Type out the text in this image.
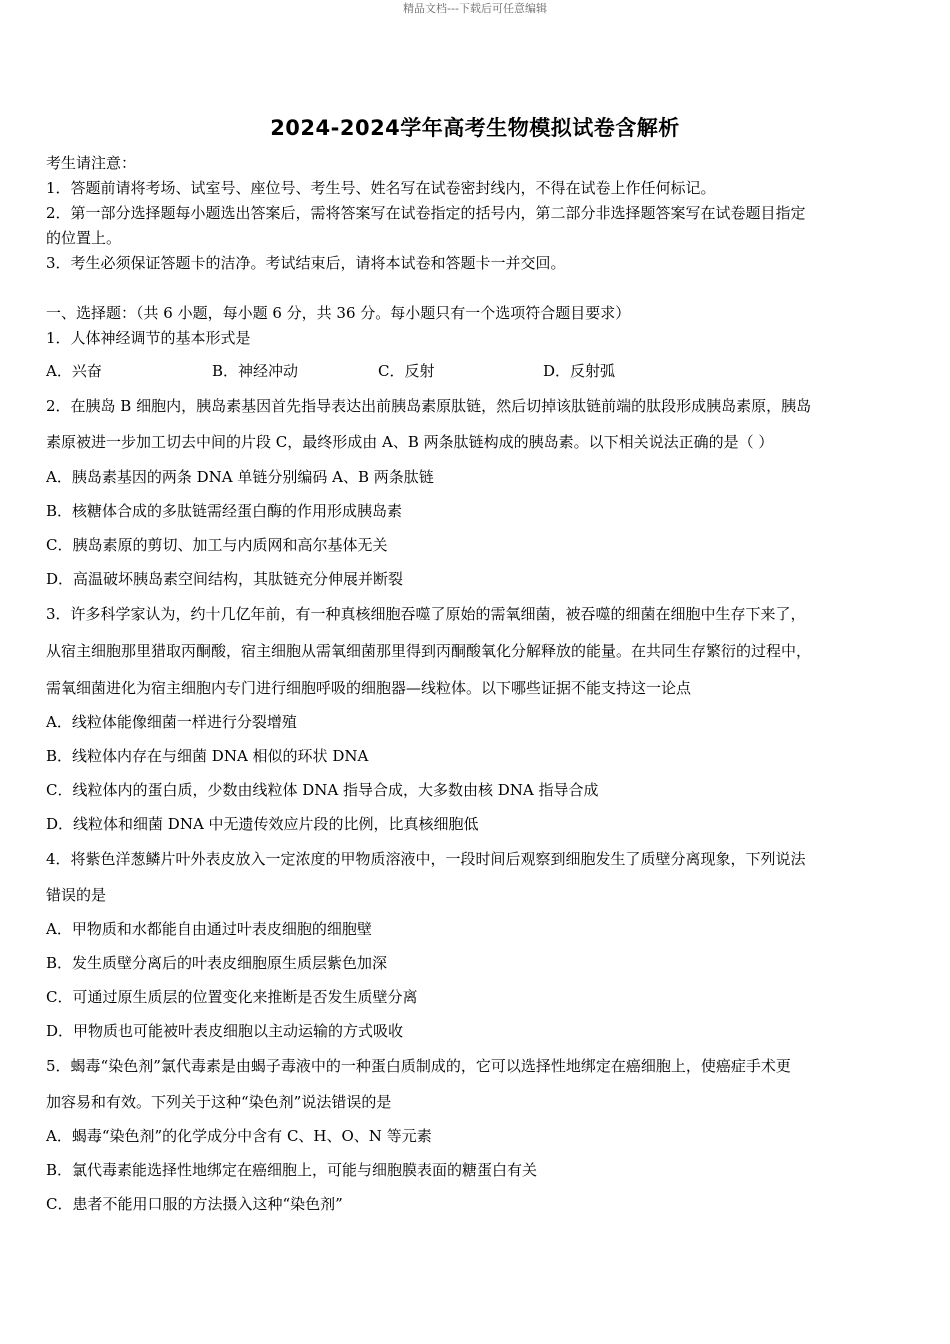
精品文档---下载后可任意编辑
2024-2024学年高考生物模拟试卷含解析
考生请注意：
1．答题前请将考场、试室号、座位号、考生号、姓名写在试卷密封线内，不得在试卷上作任何标记。
2．第一部分选择题每小题选出答案后，需将答案写在试卷指定的括号内，第二部分非选择题答案写在试卷题目指定
的位置上。
3．考生必须保证答题卡的洁净。考试结束后，请将本试卷和答题卡一并交回。
一、选择题：（共 6 小题，每小题 6 分，共 36 分。每小题只有一个选项符合题目要求）
1．人体神经调节的基本形式是
A．兴奋	B．神经冲动	C．反射	D．反射弧
2．在胰岛 B 细胞内，胰岛素基因首先指导表达出前胰岛素原肽链，然后切掉该肽链前端的肽段形成胰岛素原，胰岛
素原被进一步加工切去中间的片段 C，最终形成由 A、B 两条肽链构成的胰岛素。以下相关说法正确的是（ ）
A．胰岛素基因的两条 DNA 单链分别编码 A、B 两条肽链
B．核糖体合成的多肽链需经蛋白酶的作用形成胰岛素
C．胰岛素原的剪切、加工与内质网和高尔基体无关
D．高温破坏胰岛素空间结构，其肽链充分伸展并断裂
3．许多科学家认为，约十几亿年前，有一种真核细胞吞噬了原始的需氧细菌，被吞噬的细菌在细胞中生存下来了，
从宿主细胞那里猎取丙酮酸，宿主细胞从需氧细菌那里得到丙酮酸氧化分解释放的能量。在共同生存繁衍的过程中，
需氧细菌进化为宿主细胞内专门进行细胞呼吸的细胞器—线粒体。以下哪些证据不能支持这一论点
A．线粒体能像细菌一样进行分裂增殖
B．线粒体内存在与细菌 DNA 相似的环状 DNA
C．线粒体内的蛋白质，少数由线粒体 DNA 指导合成，大多数由核 DNA 指导合成
D．线粒体和细菌 DNA 中无遗传效应片段的比例，比真核细胞低
4．将紫色洋葱鳞片叶外表皮放入一定浓度的甲物质溶液中，一段时间后观察到细胞发生了质壁分离现象，下列说法
错误的是
A．甲物质和水都能自由通过叶表皮细胞的细胞壁
B．发生质壁分离后的叶表皮细胞原生质层紫色加深
C．可通过原生质层的位置变化来推断是否发生质壁分离
D．甲物质也可能被叶表皮细胞以主动运输的方式吸收
5．蝎毒“染色剂”氯代毒素是由蝎子毒液中的一种蛋白质制成的，它可以选择性地绑定在癌细胞上，使癌症手术更
加容易和有效。下列关于这种“染色剂”说法错误的是
A．蝎毒“染色剂”的化学成分中含有 C、H、O、N 等元素
B．氯代毒素能选择性地绑定在癌细胞上，可能与细胞膜表面的糖蛋白有关
C．患者不能用口服的方法摄入这种“染色剂”
